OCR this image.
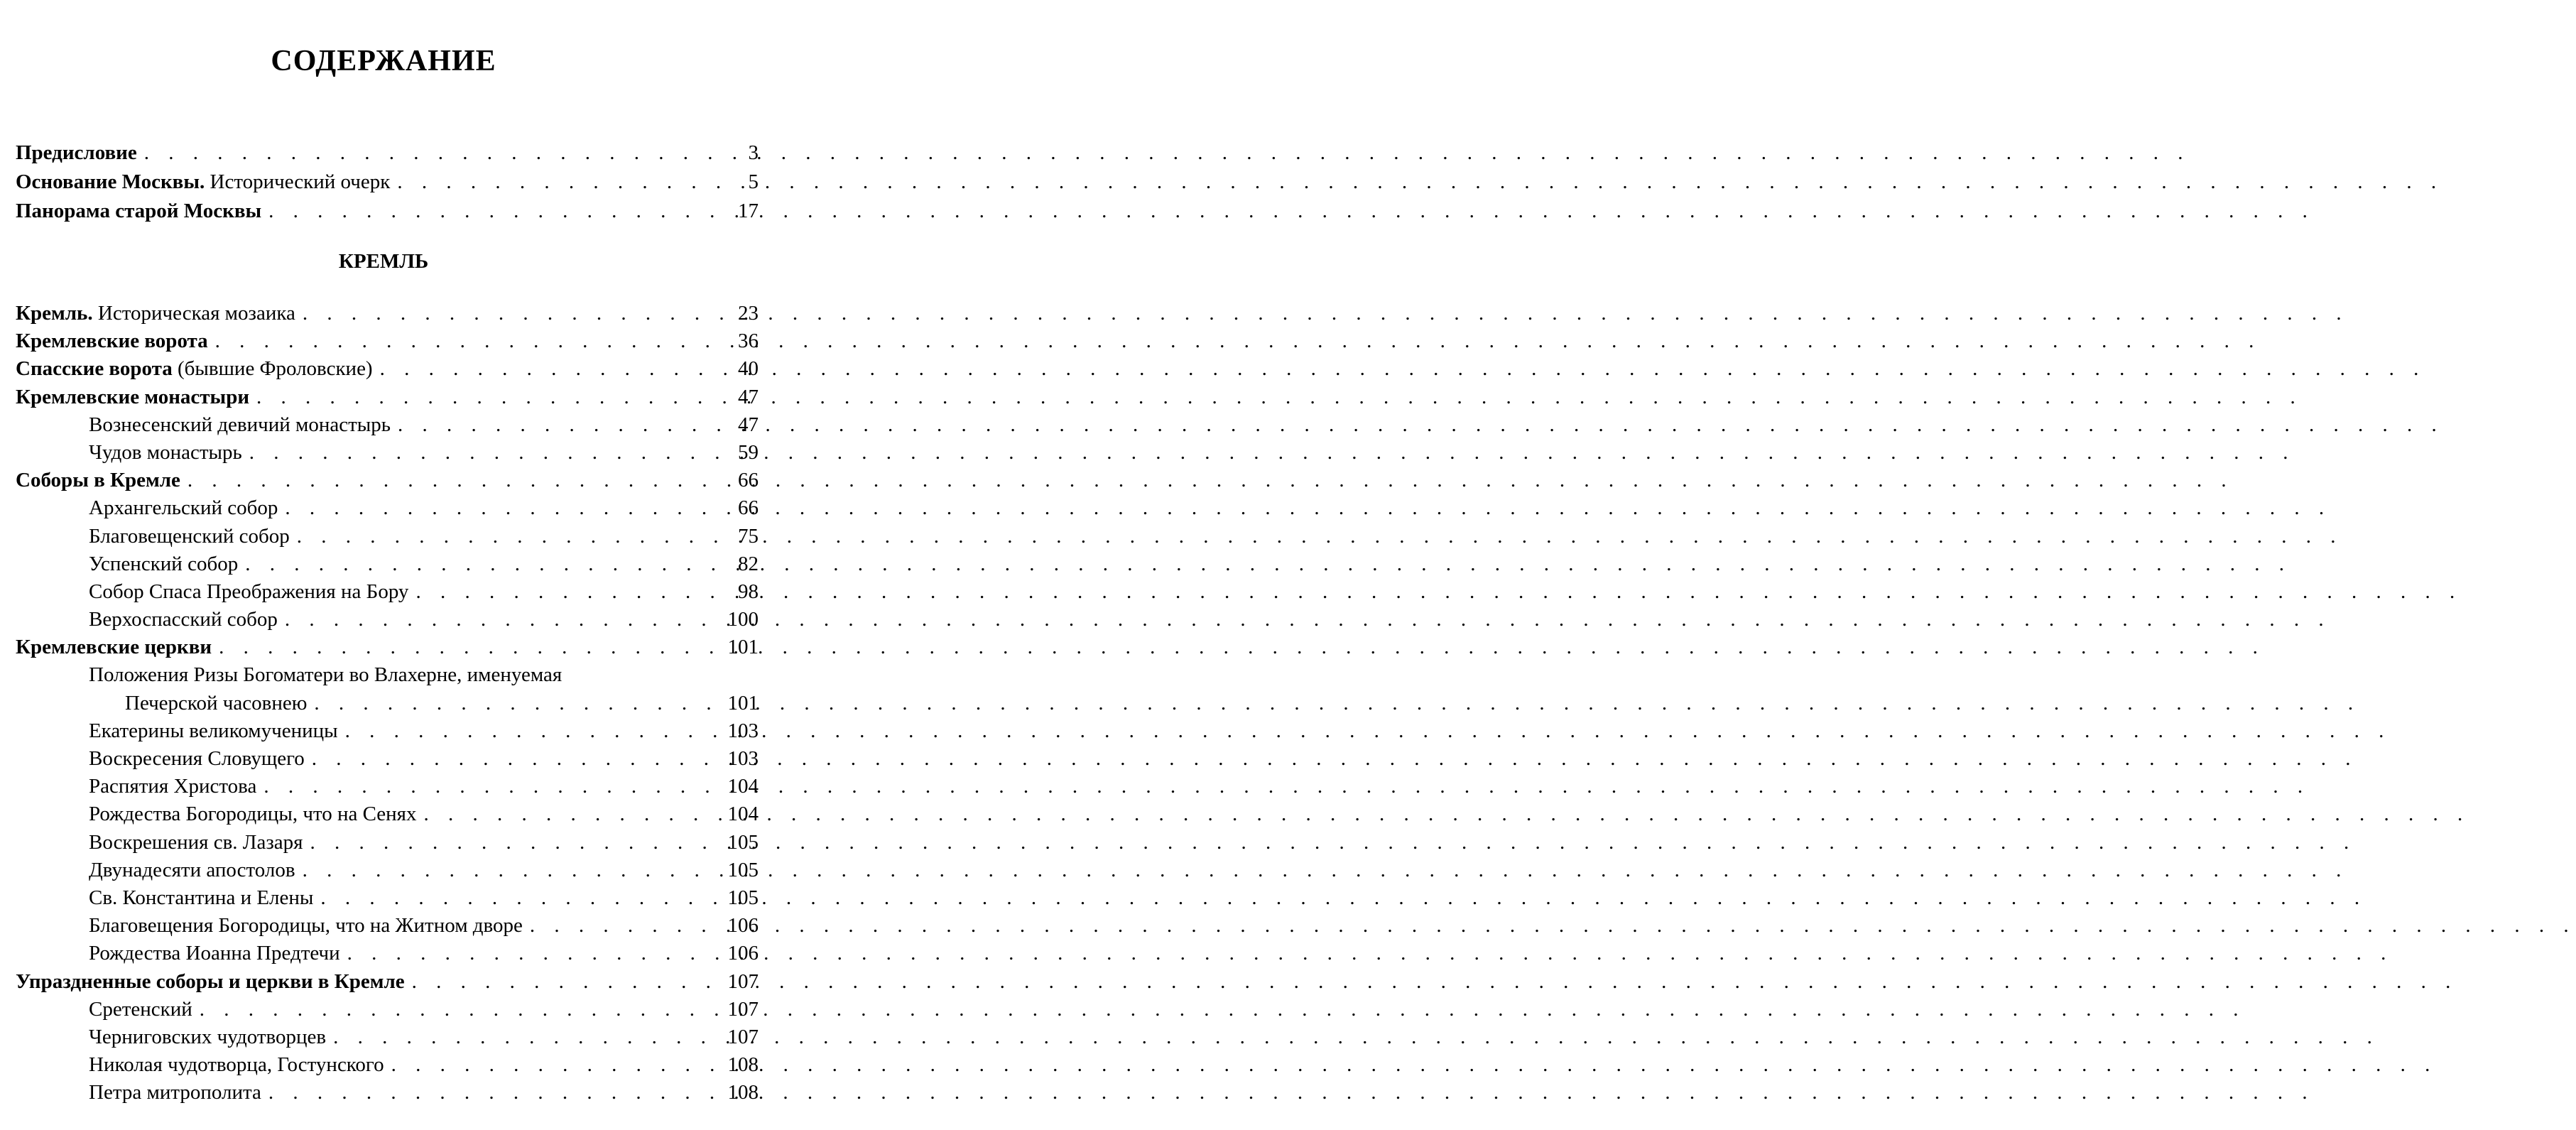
СОДЕРЖАНИЕ
Предисловие . . .	3
Основание Москвы. Исторический очерк . . .	5
Панорама старой Москвы . . .	17
КРЕМЛЬ
Кремль. Историческая мозаика . . .	23
Кремлевские ворота . . .	36
Спасские ворота (бывшие Фроловские) . . .	40
Кремлевские монастыри . . .	47
Вознесенский девичий монастырь . . .	47
Чудов монастырь . . .	59
Соборы в Кремле . . .	66
Архангельский собор . . .	66
Благовещенский собор . . .	75
Успенский собор . . .	82
Собор Спаса Преображения на Бору . . .	98
Верхоспасский собор . . .	100
Кремлевские церкви . . .	101
Положения Ризы Богоматери во Влахерне, именуемая
Печерской часовнею . . .	101
Екатерины великомученицы . . .	103
Воскресения Словущего . . .	103
Распятия Христова . . .	104
Рождества Богородицы, что на Сенях . . .	104
Воскрешения св. Лазаря . . .	105
Двунадесяти апостолов . . .	105
Св. Константина и Елены . . .	105
Благовещения Богородицы, что на Житном дворе . . .	106
Рождества Иоанна Предтечи . . .	106
Упраздненные соборы и церкви в Кремле . . .	107
Сретенский . . .	107
Черниговских чудотворцев . . .	107
Николая чудотворца, Гостунского . . .	108
Петра митрополита . . .	108
